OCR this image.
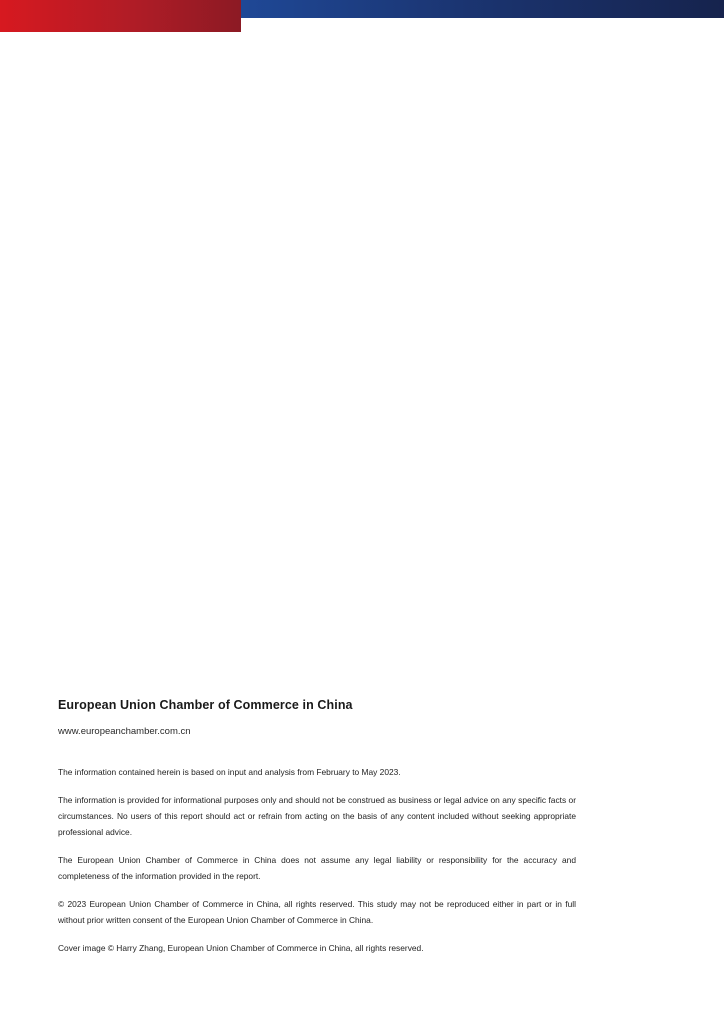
European Union Chamber of Commerce in China

www.europeanchamber.com.cn

The information contained herein is based on input and analysis from February to May 2023.

The information is provided for informational purposes only and should not be construed as business or legal advice on any specific facts or circumstances. No users of this report should act or refrain from acting on the basis of any content included without seeking appropriate professional advice.

The European Union Chamber of Commerce in China does not assume any legal liability or responsibility for the accuracy and completeness of the information provided in the report.

© 2023 European Union Chamber of Commerce in China, all rights reserved. This study may not be reproduced either in part or in full without prior written consent of the European Union Chamber of Commerce in China.

Cover image © Harry Zhang, European Union Chamber of Commerce in China, all rights reserved.
